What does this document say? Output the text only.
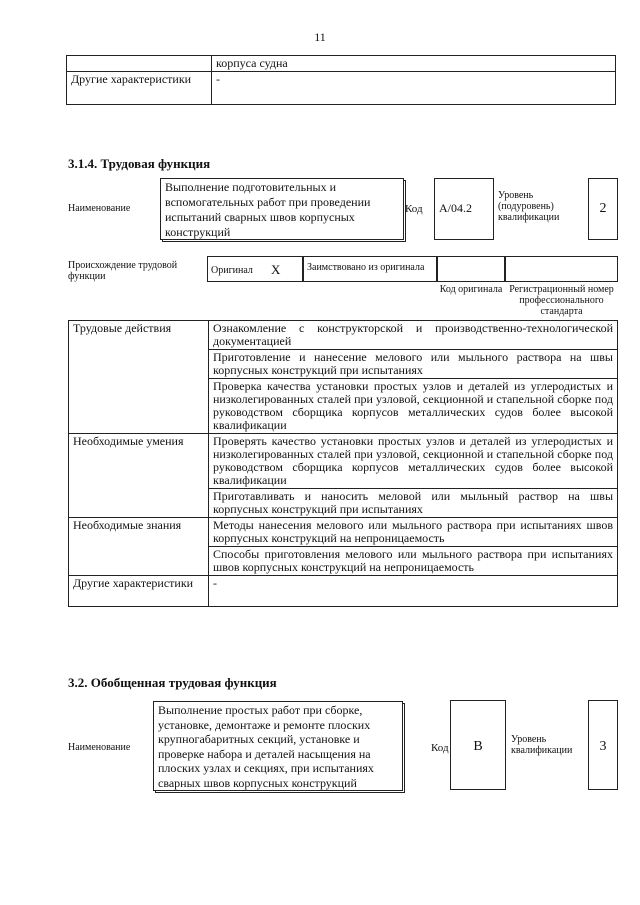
11
	корпуса судна
Другие характеристики	-
3.1.4. Трудовая функция
Наименование
Выполнение подготовительных и вспомогательных работ при проведении испытаний сварных швов корпусных конструкций
Код	A/04.2
Уровень (подуровень) квалификации
2
Происхождение трудовой функции
Оригинал X	Заимствовано из оригинала
Код оригинала Регистрационный номер профессионального стандарта
Трудовые действия	Ознакомление с конструкторской и производственно-технологической документацией
	Приготовление и нанесение мелового или мыльного раствора на швы корпусных конструкций при испытаниях
	Проверка качества установки простых узлов и деталей из углеродистых и низколегированных сталей при узловой, секционной и стапельной сборке под руководством сборщика корпусов металлических судов более высокой квалификации
Необходимые умения	Проверять качество установки простых узлов и деталей из углеродистых и низколегированных сталей при узловой, секционной и стапельной сборке под руководством сборщика корпусов металлических судов более высокой квалификации
	Приготавливать и наносить меловой или мыльный раствор на швы корпусных конструкций при испытаниях
Необходимые знания	Методы нанесения мелового или мыльного раствора при испытаниях швов корпусных конструкций на непроницаемость
	Способы приготовления мелового или мыльного раствора при испытаниях швов корпусных конструкций на непроницаемость
Другие характеристики	-
3.2. Обобщенная трудовая функция
Наименование
Выполнение простых работ при сборке, установке, демонтаже и ремонте плоских крупногабаритных секций, установке и проверке набора и деталей насыщения на плоских узлах и секциях, при испытаниях сварных швов корпусных конструкций
Код	B	Уровень квалификации	3
